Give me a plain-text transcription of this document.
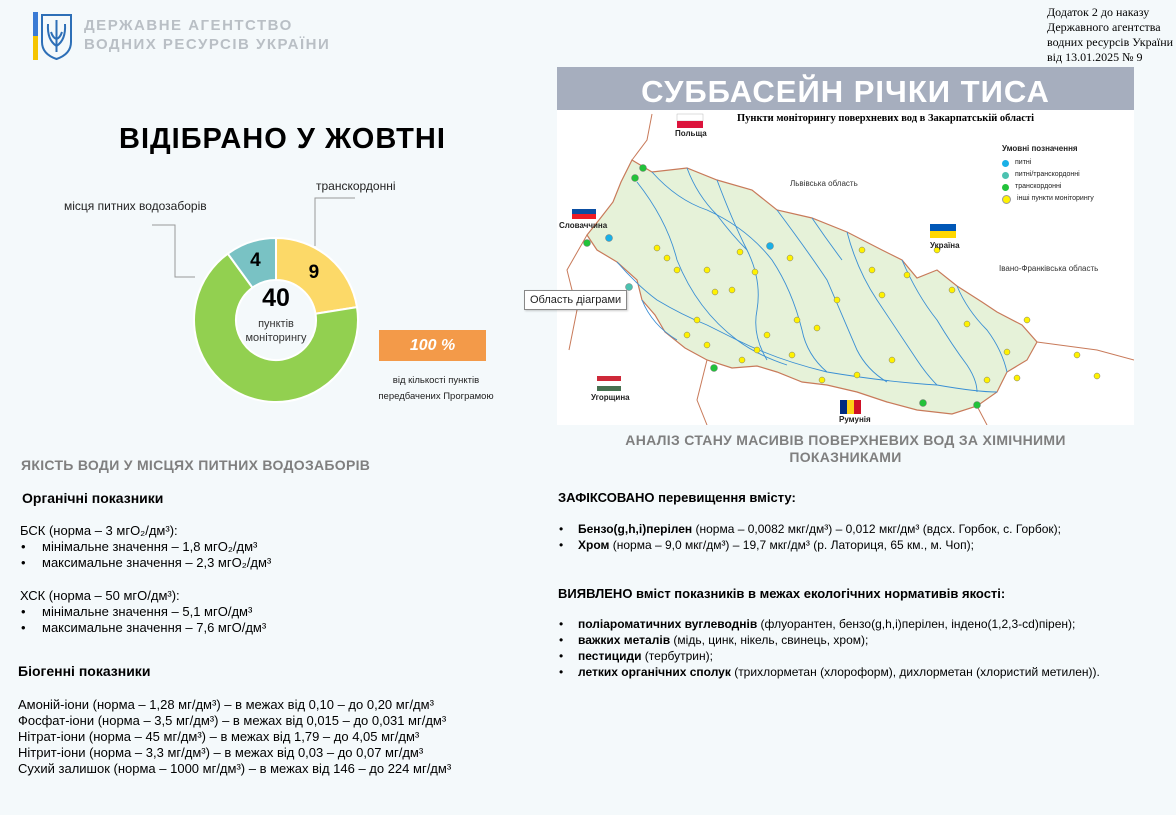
ДЕРЖАВНЕ АГЕНТСТВО
ВОДНИХ РЕСУРСІВ УКРАЇНИ
Додаток 2 до наказу
Державного агентства
водних ресурсів України
від 13.01.2025 № 9
ВІДІБРАНО У ЖОВТНІ
місця питних водозаборів
транскордонні
4
9
40
пунктів
моніторингу	100 %
від кількості пунктів
передбачених Програмою
СУББАСЕЙН РІЧКИ ТИСА
Пункти моніторингу поверхневих вод в Закарпатській області
Польща
Словаччина
Україна
Угорщина
Румунія
Львівська область
Івано-Франківська область
Умовні позначення
питні
питні/транскордонні
транскордонні
інші пункти моніторингу
Область діаграми
АНАЛІЗ СТАНУ МАСИВІВ ПОВЕРХНЕВИХ ВОД ЗА ХІМІЧНИМИ
ПОКАЗНИКАМИ
ЗАФІКСОВАНО перевищення вмісту:
• Бензо(g,h,i)перілен (норма – 0,0082 мкг/дм³) – 0,012 мкг/дм³ (вдсх. Горбок, с. Горбок);
• Хром (норма – 9,0 мкг/дм³) – 19,7 мкг/дм³ (р. Латориця, 65 км., м. Чоп);
ВИЯВЛЕНО вміст показників в межах екологічних нормативів якості:
• поліароматичних вуглеводнів (флуорантен, бензо(g,h,i)перілен, індено(1,2,3-cd)пірен);
• важких металів (мідь, цинк, нікель, свинець, хром);
• пестициди (тербутрин);
• летких органічних сполук (трихлорметан (хлороформ), дихлорметан (хлористий метилен)).
ЯКІСТЬ ВОДИ У МІСЦЯХ ПИТНИХ ВОДОЗАБОРІВ
Органічні показники
БСК (норма – 3 мгО₂/дм³):
• мінімальне значення – 1,8 мгО₂/дм³
• максимальне значення – 2,3 мгО₂/дм³
ХСК (норма – 50 мгО/дм³):
• мінімальне значення – 5,1 мгО/дм³
• максимальне значення – 7,6 мгО/дм³
Біогенні показники
Амоній-іони (норма – 1,28 мг/дм³) – в межах від 0,10 – до 0,20 мг/дм³
Фосфат-іони (норма – 3,5 мг/дм³) – в межах від 0,015 – до 0,031 мг/дм³
Нітрат-іони (норма – 45 мг/дм³) – в межах від 1,79 – до 4,05 мг/дм³
Нітрит-іони (норма – 3,3 мг/дм³) – в межах від 0,03 – до 0,07 мг/дм³
Сухий залишок (норма – 1000 мг/дм³) – в межах від 146 – до 224 мг/дм³
